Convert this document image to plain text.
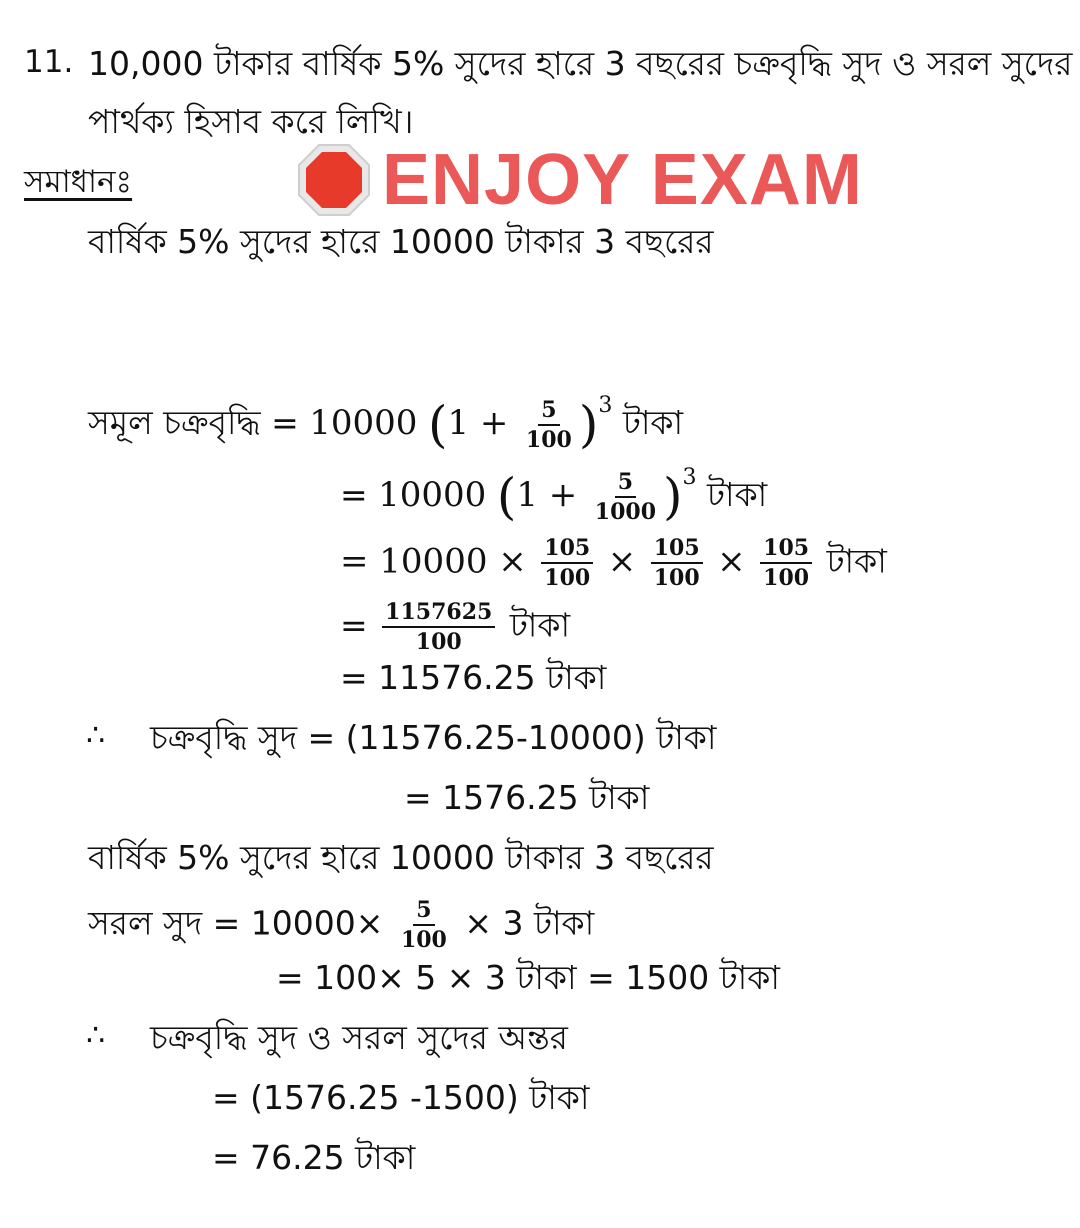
11. 10,000 টাকার বার্ষিক 5% সুদের হারে 3 বছরের চক্রবৃদ্ধি সুদ ও সরল সুদের
পার্থক্য হিসাব করে লিখি।
সমাধানঃ	ENJOY EXAM
বার্ষিক 5% সুদের হারে 10000 টাকার 3 বছরের
সমূল চক্রবৃদ্ধি = 10000 $(1 + \frac{5}{100} )^3$ টাকা
= 10000 $(1 + \frac{5}{1000} )^3$ টাকা
= $10000 \times \frac{105}{100} \times \frac{105}{100} \times \frac{105}{100}$ টাকা
= $\frac{1157625}{100}$ টাকা
= 11576.25 টাকা
∴ চক্রবৃদ্ধি সুদ = (11576.25-10000) টাকা
= 1576.25 টাকা
বার্ষিক 5% সুদের হারে 10000 টাকার 3 বছরের
সরল সুদ = $10000\times \frac{5}{100} \times 3$ টাকা
= 100× 5 × 3 টাকা = 1500 টাকা
∴ চক্রবৃদ্ধি সুদ ও সরল সুদের অন্তর
= (1576.25 -1500) টাকা
= 76.25 টাকা
